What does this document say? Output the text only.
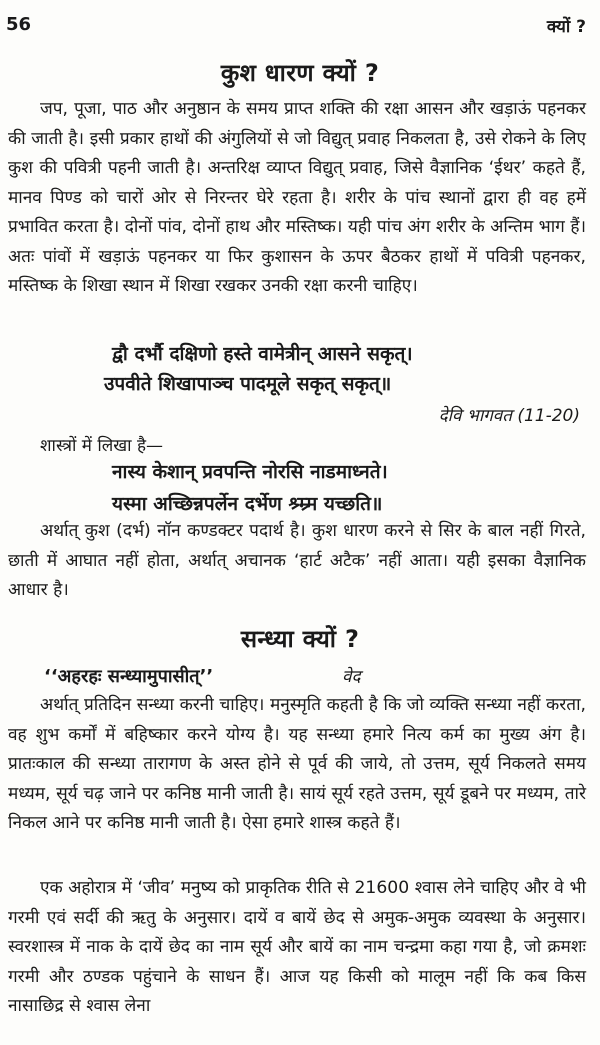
56	क्यों ?
कुश धारण क्यों ?

जप, पूजा, पाठ और अनुष्ठान के समय प्राप्त शक्ति की रक्षा आसन और खड़ाऊं पहनकर की जाती है। इसी प्रकार हाथों की अंगुलियों से जो विद्युत् प्रवाह निकलता है, उसे रोकने के लिए कुश की पवित्री पहनी जाती है। अन्तरिक्ष व्याप्त विद्युत् प्रवाह, जिसे वैज्ञानिक ‘ईथर’ कहते हैं, मानव पिण्ड को चारों ओर से निरन्तर घेरे रहता है। शरीर के पांच स्थानों द्वारा ही वह हमें प्रभावित करता है। दोनों पांव, दोनों हाथ और मस्तिष्क। यही पांच अंग शरीर के अन्तिम भाग हैं। अतः पांवों में खड़ाऊं पहनकर या फिर कुशासन के ऊपर बैठकर हाथों में पवित्री पहनकर, मस्तिष्क के शिखा स्थान में शिखा रखकर उनकी रक्षा करनी चाहिए।

द्वौ दर्भौ दक्षिणो हस्ते वामेत्रीन् आसने सकृत्।

उपवीते शिखापाञ्च पादमूले सकृत् सकृत्॥

देवि भागवत (11-20)
शास्त्रों में लिखा है—

नास्य केशान् प्रवपन्ति नोरसि नाडमाध्नते।

यस्मा अच्छिन्नपर्लेन दर्भेण श्र्म्र्म यच्छति॥

अर्थात् कुश (दर्भ) नॉन कण्डक्टर पदार्थ है। कुश धारण करने से सिर के बाल नहीं गिरते, छाती में आघात नहीं होता, अर्थात् अचानक ‘हार्ट अटैक’ नहीं आता। यही इसका वैज्ञानिक आधार है।

सन्ध्या क्यों ?
‘‘अहरहः सन्ध्यामुपासीत्’’	वेद

अर्थात् प्रतिदिन सन्ध्या करनी चाहिए। मनुस्मृति कहती है कि जो व्यक्ति सन्ध्या नहीं करता, वह शुभ कर्मों में बहिष्कार करने योग्य है। यह सन्ध्या हमारे नित्य कर्म का मुख्य अंग है। प्रातःकाल की सन्ध्या तारागण के अस्त होने से पूर्व की जाये, तो उत्तम, सूर्य निकलते समय मध्यम, सूर्य चढ़ जाने पर कनिष्ठ मानी जाती है। सायं सूर्य रहते उत्तम, सूर्य डूबने पर मध्यम, तारे निकल आने पर कनिष्ठ मानी जाती है। ऐसा हमारे शास्त्र कहते हैं।

एक अहोरात्र में ‘जीव’ मनुष्य को प्राकृतिक रीति से 21600 श्वास लेने चाहिए और वे भी गरमी एवं सर्दी की ऋतु के अनुसार। दायें व बायें छेद से अमुक-अमुक व्यवस्था के अनुसार। स्वरशास्त्र में नाक के दायें छेद का नाम सूर्य और बायें का नाम चन्द्रमा कहा गया है, जो क्रमशः गरमी और ठण्डक पहुंचाने के साधन हैं। आज यह किसी को मालूम नहीं कि कब किस नासाछिद्र से श्वास लेना
